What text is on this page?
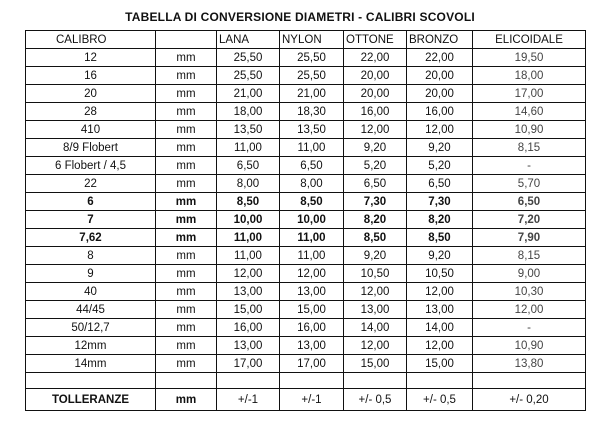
TABELLA DI CONVERSIONE DIAMETRI - CALIBRI SCOVOLI
CALIBRO		LANA	NYLON	OTTONE	BRONZO	ELICOIDALE
12	mm	25,50	25,50	22,00	22,00	19,50
16	mm	25,50	25,50	20,00	20,00	18,00
20	mm	21,00	21,00	20,00	20,00	17,00
28	mm	18,00	18,30	16,00	16,00	14,60
410	mm	13,50	13,50	12,00	12,00	10,90
8/9 Flobert	mm	11,00	11,00	9,20	9,20	8,15
6 Flobert / 4,5	mm	6,50	6,50	5,20	5,20	-
22	mm	8,00	8,00	6,50	6,50	5,70
6	mm	8,50	8,50	7,30	7,30	6,50
7	mm	10,00	10,00	8,20	8,20	7,20
7,62	mm	11,00	11,00	8,50	8,50	7,90
8	mm	11,00	11,00	9,20	9,20	8,15
9	mm	12,00	12,00	10,50	10,50	9,00
40	mm	13,00	13,00	12,00	12,00	10,30
44/45	mm	15,00	15,00	13,00	13,00	12,00
50/12,7	mm	16,00	16,00	14,00	14,00	-
12mm	mm	13,00	13,00	12,00	12,00	10,90
14mm	mm	17,00	17,00	15,00	15,00	13,80

TOLLERANZE	mm	+/-1	+/-1	+/- 0,5	+/- 0,5	+/- 0,20
